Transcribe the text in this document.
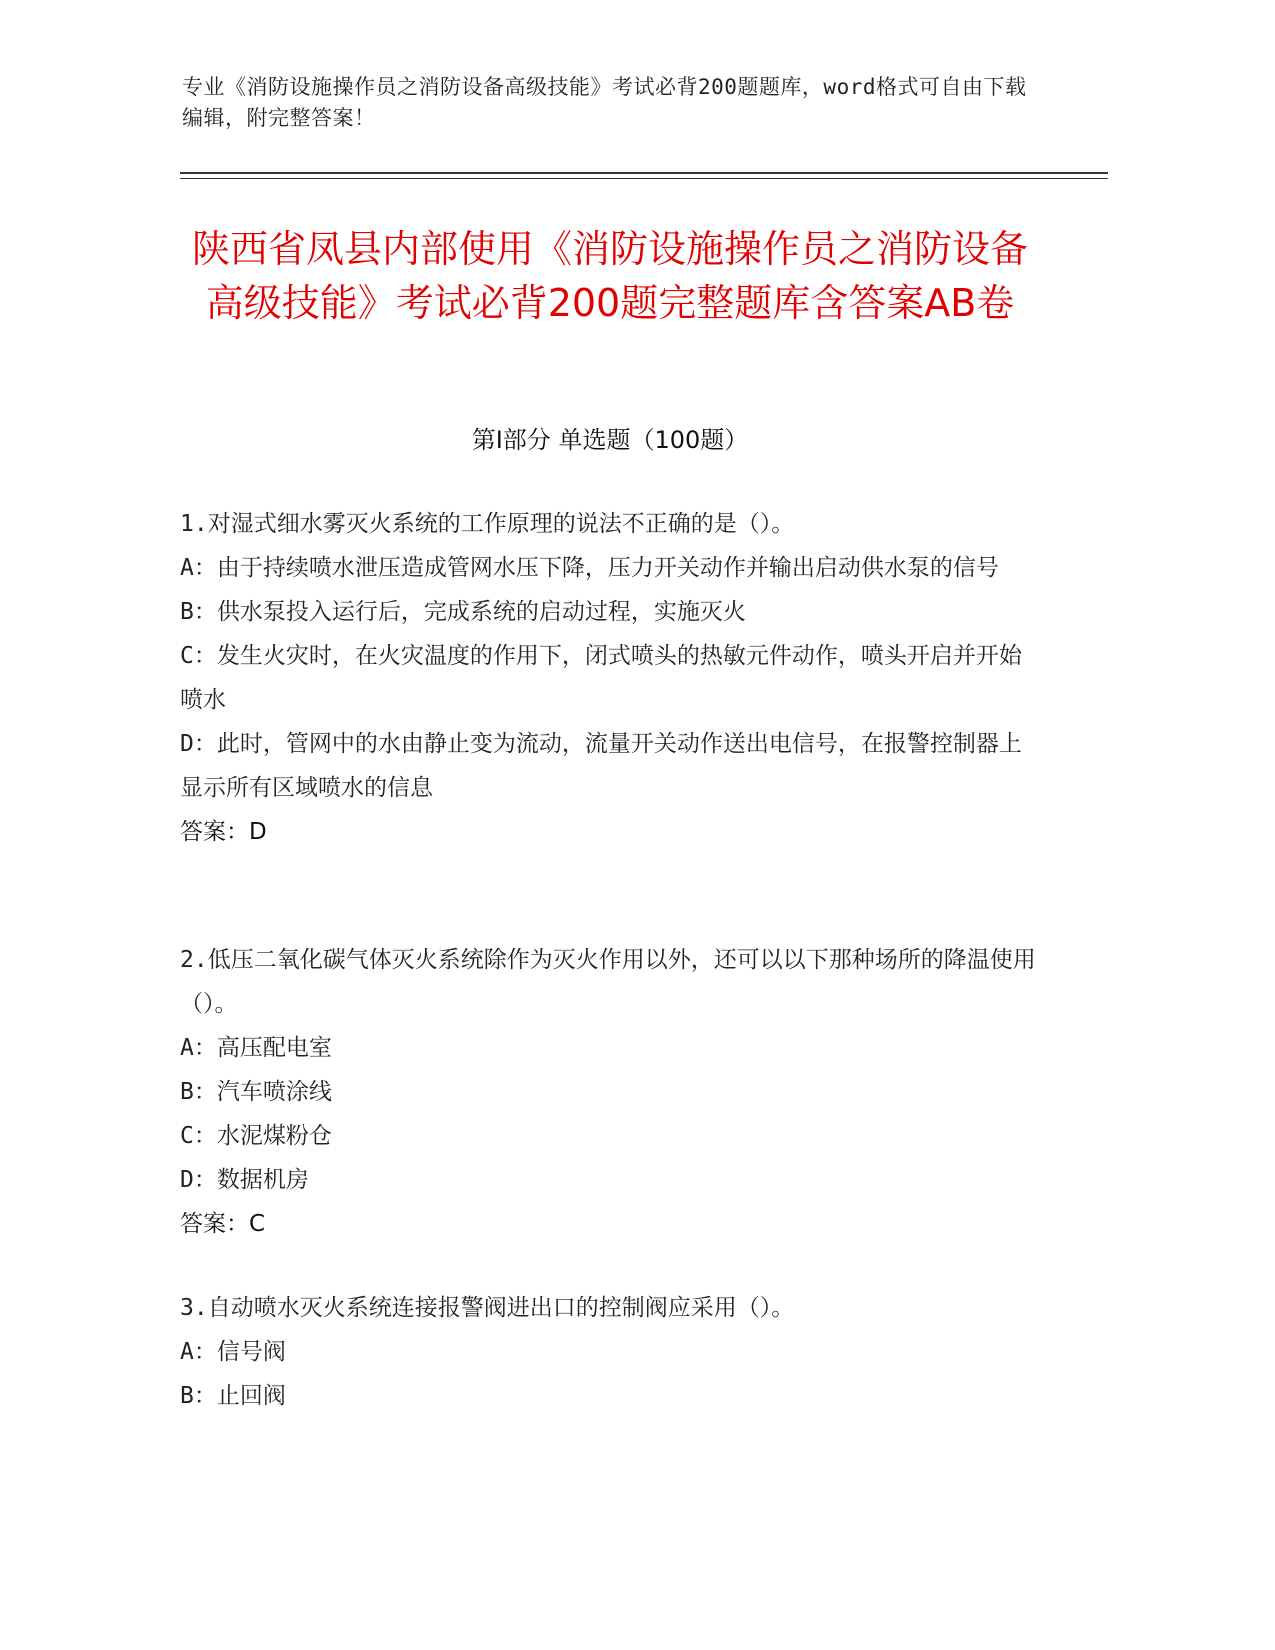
专业《消防设施操作员之消防设备高级技能》考试必背200题题库，word格式可自由下载编辑，附完整答案！
陕西省凤县内部使用《消防设施操作员之消防设备高级技能》考试必背200题完整题库含答案AB卷
第Ⅰ部分 单选题（100题）

1.对湿式细水雾灭火系统的工作原理的说法不正确的是（）。

A：由于持续喷水泄压造成管网水压下降，压力开关动作并输出启动供水泵的信号

B：供水泵投入运行后，完成系统的启动过程，实施灭火

C：发生火灾时，在火灾温度的作用下，闭式喷头的热敏元件动作，喷头开启并开始喷水

D：此时，管网中的水由静止变为流动，流量开关动作送出电信号，在报警控制器上显示所有区域喷水的信息

答案：D

2.低压二氧化碳气体灭火系统除作为灭火作用以外，还可以以下那种场所的降温使用（）。

A：高压配电室

B：汽车喷涂线

C：水泥煤粉仓

D：数据机房

答案：C

3.自动喷水灭火系统连接报警阀进出口的控制阀应采用（）。

A：信号阀

B：止回阀
